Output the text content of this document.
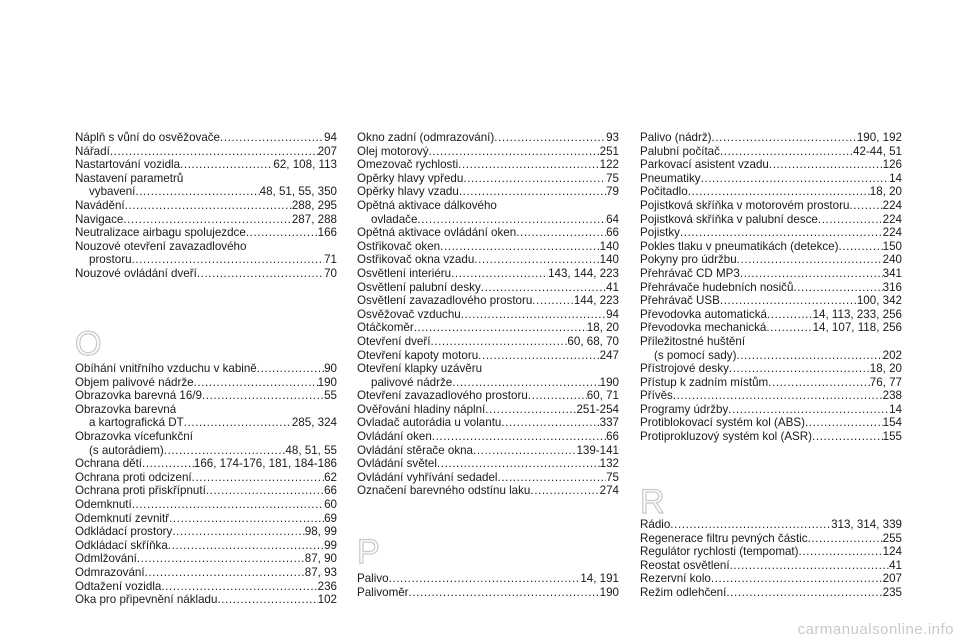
Náplň s vůní do osvěžovače .....	94
Nářadí .....	207
Nastartování vozidla .....	62, 108, 113
Nastavení parametrů
vybavení .....	48, 51, 55, 350
Navádění .....	288, 295
Navigace .....	287, 288
Neutralizace airbagu spolujezdce .....	166
Nouzové otevření zavazadlového
prostoru .....	71
Nouzové ovládání dveří .....	70
O
Obíhání vnitřního vzduchu v kabině .....	90
Objem palivové nádrže .....	190
Obrazovka barevná 16/9 .....	55
Obrazovka barevná
a kartografická DT .....	285, 324
Obrazovka vícefunkční
(s autorádiem) .....	48, 51, 55
Ochrana dětí .....	166, 174-176, 181, 184-186
Ochrana proti odcizení .....	62
Ochrana proti přiskřípnutí .....	66
Odemknutí .....	60
Odemknutí zevnitř .....	69
Odkládací prostory .....	98, 99
Odkládací skříňka .....	99
Odmlžování .....	87, 90
Odmrazování .....	87, 93
Odtažení vozidla .....	236
Oka pro připevnění nákladu .....	102
Okno zadní (odmrazování) .....	93
Olej motorový .....	251
Omezovač rychlosti .....	122
Opěrky hlavy vpředu .....	75
Opěrky hlavy vzadu .....	79
Opětná aktivace dálkového
ovladače .....	64
Opětná aktivace ovládání oken .....	66
Ostřikovač oken .....	140
Ostřikovač okna vzadu .....	140
Osvětlení interiéru .....	143, 144, 223
Osvětlení palubní desky .....	41
Osvětlení zavazadlového prostoru .....	144, 223
Osvěžovač vzduchu .....	94
Otáčkoměr .....	18, 20
Otevření dveří .....	60, 68, 70
Otevření kapoty motoru .....	247
Otevření klapky uzávěru
palivové nádrže .....	190
Otevření zavazadlového prostoru .....	60, 71
Ověřování hladiny náplní .....	251-254
Ovladač autorádia u volantu .....	337
Ovládání oken .....	66
Ovládání stěrače okna .....	139-141
Ovládání světel .....	132
Ovládání vyhřívání sedadel .....	75
Označení barevného odstínu laku .....	274
P
Palivo .....	14, 191
Palivoměr .....	190
Palivo (nádrž) .....	190, 192
Palubní počítač .....	42-44, 51
Parkovací asistent vzadu .....	126
Pneumatiky .....	14
Počitadlo .....	18, 20
Pojistková skříňka v motorovém prostoru .....	224
Pojistková skříňka v palubní desce .....	224
Pojistky .....	224
Pokles tlaku v pneumatikách (detekce) .....	150
Pokyny pro údržbu .....	240
Přehrávač CD MP3 .....	341
Přehrávače hudebních nosičů .....	316
Přehrávač USB .....	100, 342
Převodovka automatická .....	14, 113, 233, 256
Převodovka mechanická .....	14, 107, 118, 256
Příležitostné huštění
(s pomocí sady) .....	202
Přístrojové desky .....	18, 20
Přístup k zadním místům .....	76, 77
Přívěs .....	238
Programy údržby .....	14
Protiblokovací systém kol (ABS) .....	154
Protiprokluzový systém kol (ASR) .....	155
R
Rádio .....	313, 314, 339
Regenerace filtru pevných částic .....	255
Regulátor rychlosti (tempomat) .....	124
Reostat osvětlení .....	41
Rezervní kolo .....	207
Režim odlehčení .....	235
carmanualsonline.info
